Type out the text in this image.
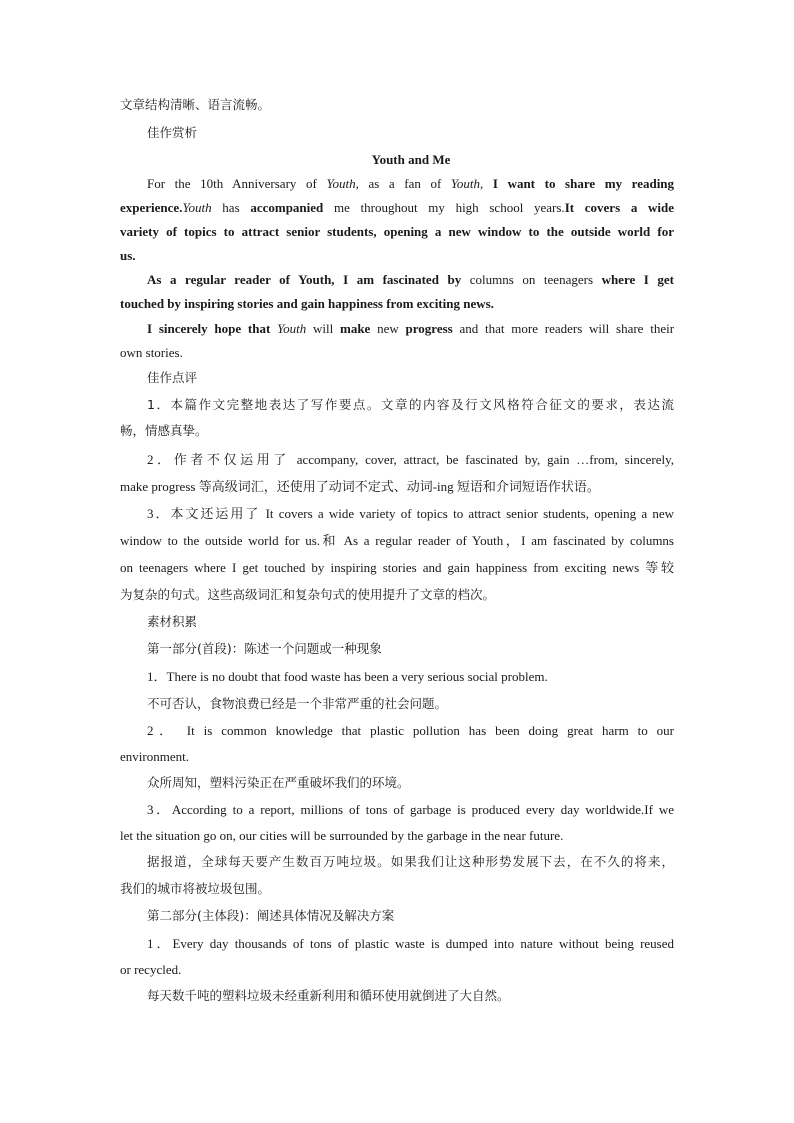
文章结构清晰、语言流畅。
佳作赏析
Youth and Me
For the 10th Anniversary of Youth, as a fan of Youth, I want to share my reading
experience.Youth has accompanied me throughout my high school years.It covers a wide
variety of topics to attract senior students, opening a new window to the outside world for
us.
As a regular reader of Youth, I am fascinated by columns on teenagers where I get
touched by inspiring stories and gain happiness from exciting news.
I sincerely hope that Youth will make new progress and that more readers will share their
own stories.
佳作点评
1．本篇作文完整地表达了写作要点。文章的内容及行文风格符合征文的要求，表达流
畅，情感真挚。
2．作者不仅运用了 accompany, cover, attract, be fascinated by, gain …from, sincerely,
make progress 等高级词汇，还使用了动词不定式、动词-ing 短语和介词短语作状语。
3．本文还运用了 It covers a wide variety of topics to attract senior students, opening a new
window to the outside world for us.和 As a regular reader of Youth，I am fascinated by columns
on teenagers where I get touched by inspiring stories and gain happiness from exciting news 等较
为复杂的句式。这些高级词汇和复杂句式的使用提升了文章的档次。
素材积累
第一部分(首段)：陈述一个问题或一种现象
1．There is no doubt that food waste has been a very serious social problem.
不可否认，食物浪费已经是一个非常严重的社会问题。
2． It is common knowledge that plastic pollution has been doing great harm to our
environment.
众所周知，塑料污染正在严重破坏我们的环境。
3．According to a report, millions of tons of garbage is produced every day worldwide.If we
let the situation go on, our cities will be surrounded by the garbage in the near future.
据报道，全球每天要产生数百万吨垃圾。如果我们让这种形势发展下去，在不久的将来，
我们的城市将被垃圾包围。
第二部分(主体段)：阐述具体情况及解决方案
1．Every day thousands of tons of plastic waste is dumped into nature without being reused
or recycled.
每天数千吨的塑料垃圾未经重新利用和循环使用就倒进了大自然。
